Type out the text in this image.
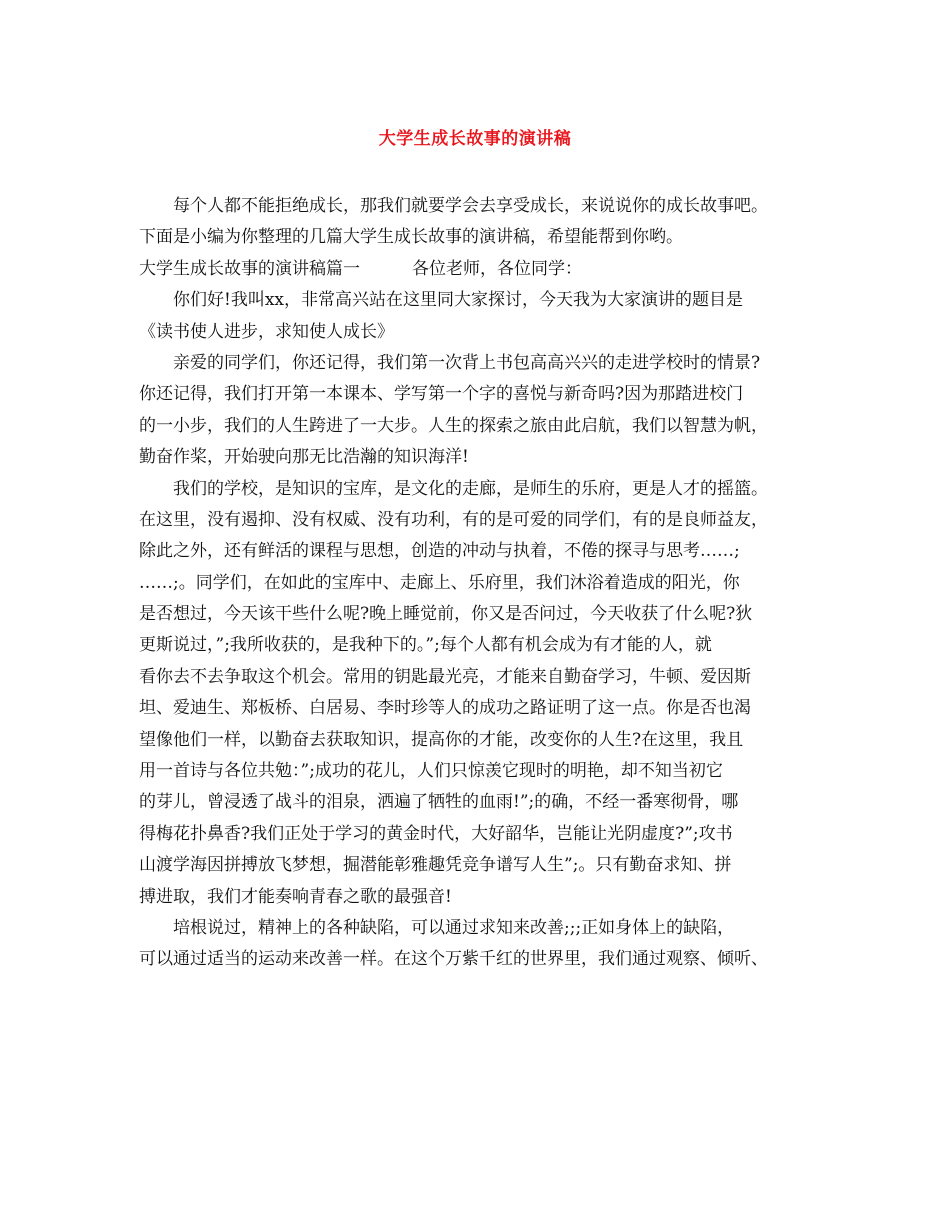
大学生成长故事的演讲稿
每个人都不能拒绝成长，那我们就要学会去享受成长，来说说你的成长故事吧。
下面是小编为你整理的几篇大学生成长故事的演讲稿，希望能帮到你哟。
大学生成长故事的演讲稿篇一	各位老师，各位同学：
你们好!我叫xx，非常高兴站在这里同大家探讨，今天我为大家演讲的题目是
《读书使人进步，求知使人成长》
亲爱的同学们，你还记得，我们第一次背上书包高高兴兴的走进学校时的情景?
你还记得，我们打开第一本课本、学写第一个字的喜悦与新奇吗?因为那踏进校门
的一小步，我们的人生跨进了一大步。人生的探索之旅由此启航，我们以智慧为帆，
勤奋作桨，开始驶向那无比浩瀚的知识海洋!
我们的学校，是知识的宝库，是文化的走廊，是师生的乐府，更是人才的摇篮。
在这里，没有遏抑、没有权威、没有功利，有的是可爱的同学们，有的是良师益友，
除此之外，还有鲜活的课程与思想，创造的冲动与执着，不倦的探寻与思考……;
……;。同学们，在如此的宝库中、走廊上、乐府里，我们沐浴着造成的阳光，你
是否想过，今天该干些什么呢?晚上睡觉前，你又是否问过，今天收获了什么呢?狄
更斯说过，”;我所收获的，是我种下的。”;每个人都有机会成为有才能的人，就
看你去不去争取这个机会。常用的钥匙最光亮，才能来自勤奋学习，牛顿、爱因斯
坦、爱迪生、郑板桥、白居易、李时珍等人的成功之路证明了这一点。你是否也渴
望像他们一样，以勤奋去获取知识，提高你的才能，改变你的人生?在这里，我且
用一首诗与各位共勉：”;成功的花儿，人们只惊羡它现时的明艳，却不知当初它
的芽儿，曾浸透了战斗的泪泉，洒遍了牺牲的血雨!”;的确，不经一番寒彻骨，哪
得梅花扑鼻香?我们正处于学习的黄金时代，大好韶华，岂能让光阴虚度?”;攻书
山渡学海因拼搏放飞梦想，掘潜能彰雅趣凭竞争谱写人生”;。只有勤奋求知、拼
搏进取，我们才能奏响青春之歌的最强音!
培根说过，精神上的各种缺陷，可以通过求知来改善;;;正如身体上的缺陷，
可以通过适当的运动来改善一样。在这个万紫千红的世界里，我们通过观察、倾听、
